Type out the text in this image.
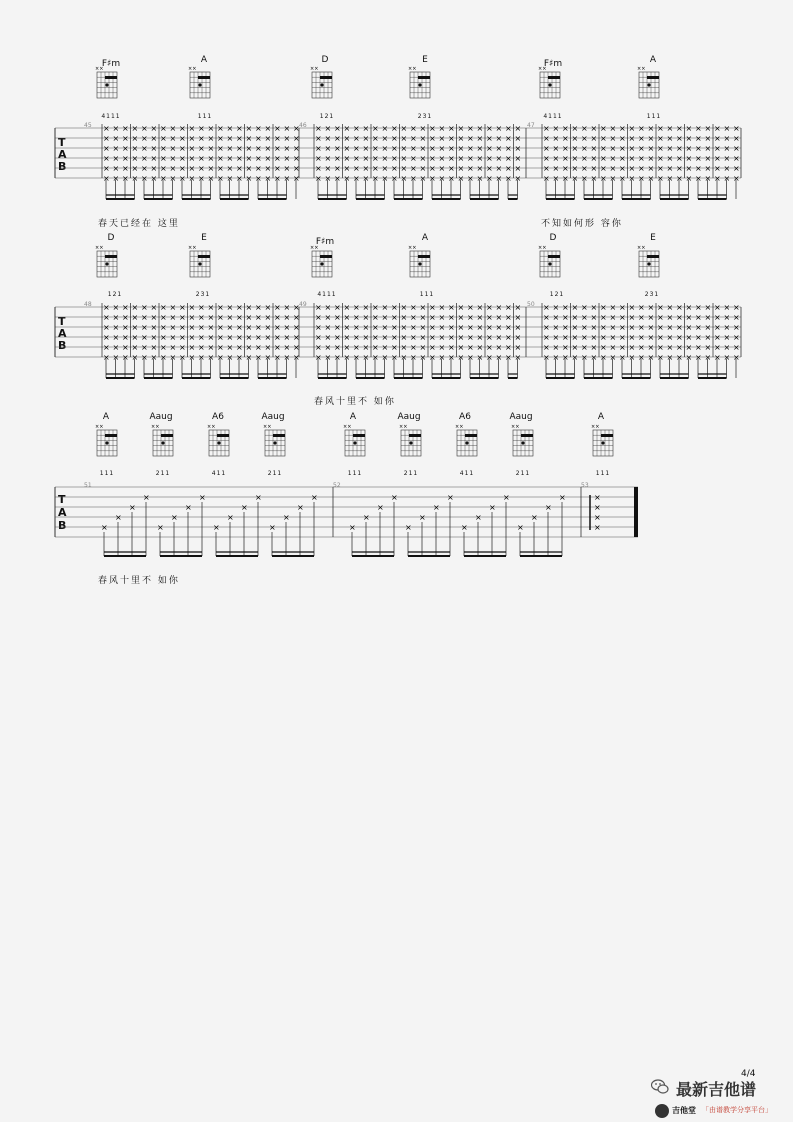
F♯m	A	D	E	F♯m	A
4111	111	121	231	4111	111
45	46	47
T
A
B
春天已经在 这里	不知如何形 容你
D	E	F♯m	A	D	E
121	231	4111	111	121	231
48	49	50
T
A
B
春风十里不 如你
A	Aaug	A6	Aaug	A	Aaug	A6	Aaug	A
111	211	411	211	111	211	411	211	111
51	52	53
T
A
B
春风十里不 如你
××	××	××	××	××	××
×
×
×
×
×
×
×
×
×
×
×
×
×
×
×
×
×
×
×
×
×
×
×
×
×
×
×
×
×
×
×
×
×
×
×
×
×
×
×
×
×
×
×
×
×
×
×
×
×
×
×
×
×
×
×
×
×
×
×
×
×
×
×
×
×
×
×
×
×
×
×
×
×
×
×
×
×
×
×
×
×
×
×
×
×
×
×
×
×
×
×
×
×
×
×
×
×
×
×
×
×
×
×
×
×
×
×
×
×
×
×
×
×
×
×
×
×
×
×
×
×
×
×
×
×
×
×
×
×
×
×
×
×
×
×
×
×
×
×
×
×
×
×
×
×
×
×
×
×
×
×
×
×
×
×
×
×
×
×
×
×
×
×
×
×
×
×
×
×
×
×
×
×
×
×
×
×
×
×
×
×
×
×
×
×
×
×
×
×
×
×
×
×
×
×
×
×
×
×
×
×
×
×
×
×
×
×
×
×
×
×
×
×
×
×
×
×
×
×
×
×
×
×
×
×
×
×
×
×
×
×
×
×
×
×
×
×
×
×
×
×
×
×
×
×
×
×
×
×
×
×
×
×
×
×
×
×
×
×
×
×
×
×
×
×
×
×
×
×
×
×
×
×
×
×
×
×
×
×
×
×
×
×
×
×
×
×
×
×
×
×
×
×
×
×
×
×
×
×
×
×
×
×
×
×
×
×
×
×
×
×
×
×
×
×
×
×
×
×
×
×
×
×
×
×
×
×
×
×
×
×
×
×
×
×
×
×
×
×
×
×
×
×
×
×
×
×
×
×
×
×
×
×
×
×
×
×
×
×
×
×
×
×
×
×
×
×
×
×
×
×
×
×
×
×
×
×
×
×
×
×
×
×
×
××	××	××	××	××	××
×
×
×
×
×
×
×
×
×
×
×
×
×
×
×
×
×
×
×
×
×
×
×
×
×
×
×
×
×
×
×
×
×
×
×
×
×
×
×
×
×
×
×
×
×
×
×
×
×
×
×
×
×
×
×
×
×
×
×
×
×
×
×
×
×
×
×
×
×
×
×
×
×
×
×
×
×
×
×
×
×
×
×
×
×
×
×
×
×
×
×
×
×
×
×
×
×
×
×
×
×
×
×
×
×
×
×
×
×
×
×
×
×
×
×
×
×
×
×
×
×
×
×
×
×
×
×
×
×
×
×
×
×
×
×
×
×
×
×
×
×
×
×
×
×
×
×
×
×
×
×
×
×
×
×
×
×
×
×
×
×
×
×
×
×
×
×
×
×
×
×
×
×
×
×
×
×
×
×
×
×
×
×
×
×
×
×
×
×
×
×
×
×
×
×
×
×
×
×
×
×
×
×
×
×
×
×
×
×
×
×
×
×
×
×
×
×
×
×
×
×
×
×
×
×
×
×
×
×
×
×
×
×
×
×
×
×
×
×
×
×
×
×
×
×
×
×
×
×
×
×
×
×
×
×
×
×
×
×
×
×
×
×
×
×
×
×
×
×
×
×
×
×
×
×
×
×
×
×
×
×
×
×
×
×
×
×
×
×
×
×
×
×
×
×
×
×
×
×
×
×
×
×
×
×
×
×
×
×
×
×
×
×
×
×
×
×
×
×
×
×
×
×
×
×
×
×
×
×
×
×
×
×
×
×
×
×
×
×
×
×
×
×
×
×
×
×
×
×
×
×
×
×
×
×
×
×
×
×
×
×
×
×
×
×
×
×
×
×
×
×
×
×
×
×
×
×
×
×
×
×
×
×
×
××	××	××	××	××	××	××	××	××
×
×
×
×
×
×
×
×
×
×
×
×
×
×
×
×
×
×
×
×
×
×
×
×
×
×
×
×
×
×
×
×	×
×
×
×
4/4
最新吉他谱
吉他堂 「由谱教学分享平台」
